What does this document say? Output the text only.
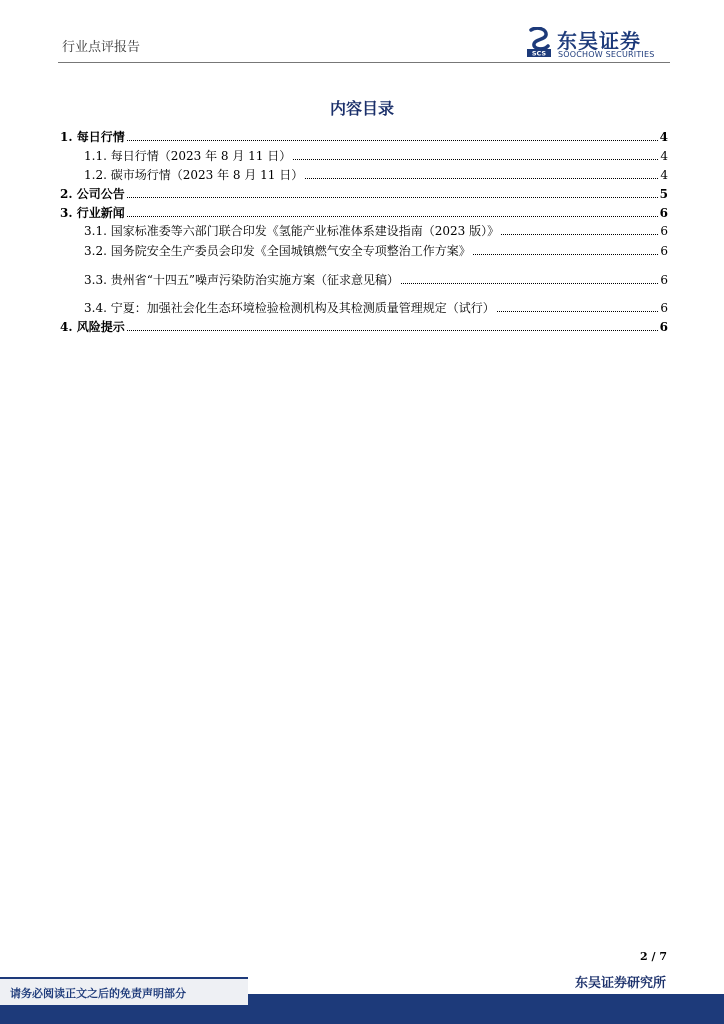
行业点评报告	SCS
东吴证券
SOOCHOW SECURITIES
内容目录
1. 每日行情	4
1.1. 每日行情（2023 年 8 月 11 日）	4
1.2. 碳市场行情（2023 年 8 月 11 日）	4
2. 公司公告	5
3. 行业新闻	6
3.1. 国家标准委等六部门联合印发《氢能产业标准体系建设指南（2023 版）》	6
3.2. 国务院安全生产委员会印发《全国城镇燃气安全专项整治工作方案》	6
3.3. 贵州省“十四五”噪声污染防治实施方案（征求意见稿）	6
3.4. 宁夏：加强社会化生态环境检验检测机构及其检测质量管理规定（试行）	6
4. 风险提示	6
2 / 7
东吴证券研究所
请务必阅读正文之后的免责声明部分
